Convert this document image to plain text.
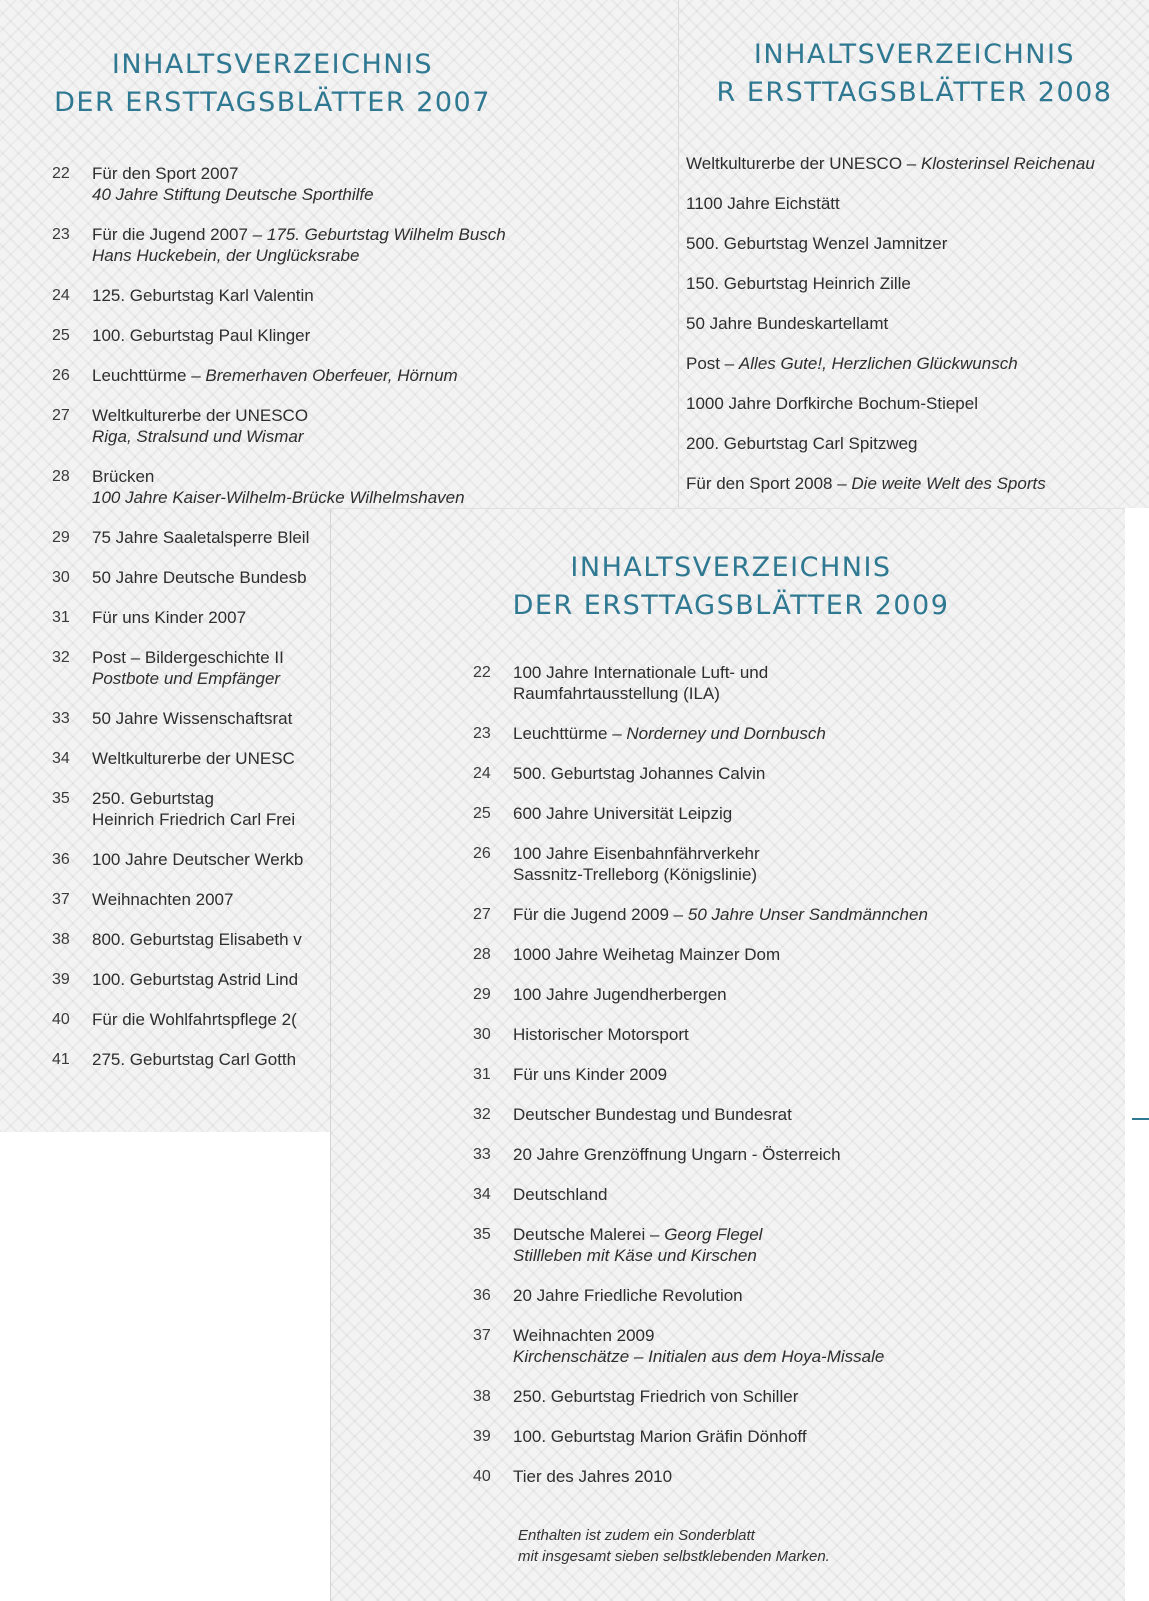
INHALTSVERZEICHNIS
DER ERSTTAGSBLÄTTER 2007
22	Für den Sport 2007
40 Jahre Stiftung Deutsche Sporthilfe
23	Für die Jugend 2007 – 175. Geburtstag Wilhelm Busch
Hans Huckebein, der Unglücksrabe
24	125. Geburtstag Karl Valentin
25	100. Geburtstag Paul Klinger
26	Leuchttürme – Bremerhaven Oberfeuer, Hörnum
27	Weltkulturerbe der UNESCO
Riga, Stralsund und Wismar
28	Brücken
100 Jahre Kaiser-Wilhelm-Brücke Wilhelmshaven
29	75 Jahre Saaletalsperre Bleil
30	50 Jahre Deutsche Bundesb
31	Für uns Kinder 2007
32	Post – Bildergeschichte II
Postbote und Empfänger
33	50 Jahre Wissenschaftsrat
34	Weltkulturerbe der UNESC
35	250. Geburtstag
Heinrich Friedrich Carl Frei
36	100 Jahre Deutscher Werkb
37	Weihnachten 2007
38	800. Geburtstag Elisabeth v
39	100. Geburtstag Astrid Lind
40	Für die Wohlfahrtspflege 2(
41	275. Geburtstag Carl Gotth
INHALTSVERZEICHNIS
R ERSTTAGSBLÄTTER 2008
Weltkulturerbe der UNESCO – Klosterinsel Reichenau
1100 Jahre Eichstätt
500. Geburtstag Wenzel Jamnitzer
150. Geburtstag Heinrich Zille
50 Jahre Bundeskartellamt
Post – Alles Gute!, Herzlichen Glückwunsch
1000 Jahre Dorfkirche Bochum-Stiepel
200. Geburtstag Carl Spitzweg
Für den Sport 2008 – Die weite Welt des Sports
INHALTSVERZEICHNIS
DER ERSTTAGSBLÄTTER 2009
22	100 Jahre Internationale Luft- und
Raumfahrtausstellung (ILA)
23	Leuchttürme – Norderney und Dornbusch
24	500. Geburtstag Johannes Calvin
25	600 Jahre Universität Leipzig
26	100 Jahre Eisenbahnfährverkehr
Sassnitz-Trelleborg (Königslinie)
27	Für die Jugend 2009 – 50 Jahre Unser Sandmännchen
28	1000 Jahre Weihetag Mainzer Dom
29	100 Jahre Jugendherbergen
30	Historischer Motorsport
31	Für uns Kinder 2009
32	Deutscher Bundestag und Bundesrat
33	20 Jahre Grenzöffnung Ungarn - Österreich
34	Deutschland
35	Deutsche Malerei – Georg Flegel
Stillleben mit Käse und Kirschen
36	20 Jahre Friedliche Revolution
37	Weihnachten 2009
Kirchenschätze – Initialen aus dem Hoya-Missale
38	250. Geburtstag Friedrich von Schiller
39	100. Geburtstag Marion Gräfin Dönhoff
40	Tier des Jahres 2010
Enthalten ist zudem ein Sonderblatt
mit insgesamt sieben selbstklebenden Marken.
